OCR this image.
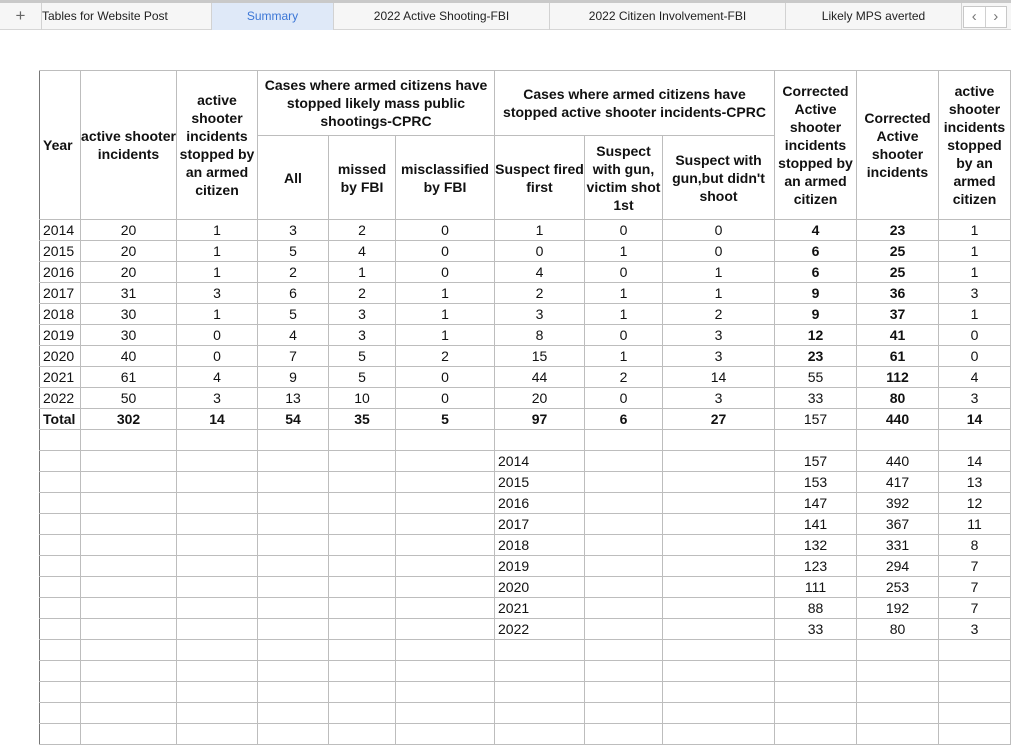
+	Tables for Website Post	Summary	2022 Active Shooting-FBI	2022 Citizen Involvement-FBI	Likely MPS averted	‹	›
Year	active shooter incidents	active shooter incidents stopped by an armed citizen	Cases where armed citizens have stopped likely mass public shootings-CPRC			Cases where armed citizens have stopped active shooter incidents-CPRC			Corrected Active shooter incidents stopped by an armed citizen	Corrected Active shooter incidents	active shooter incidents stopped by an armed citizen
			All	missed by FBI	misclassified by FBI	Suspect fired first	Suspect with gun, victim shot 1st	Suspect with gun,but didn't shoot			
2014	20	1	3	2	0	1	0	0	4	23	1
2015	20	1	5	4	0	0	1	0	6	25	1
2016	20	1	2	1	0	4	0	1	6	25	1
2017	31	3	6	2	1	2	1	1	9	36	3
2018	30	1	5	3	1	3	1	2	9	37	1
2019	30	0	4	3	1	8	0	3	12	41	0
2020	40	0	7	5	2	15	1	3	23	61	0
2021	61	4	9	5	0	44	2	14	55	112	4
2022	50	3	13	10	0	20	0	3	33	80	3
Total	302	14	54	35	5	97	6	27	157	440	14

						2014			157	440	14
						2015			153	417	13
						2016			147	392	12
						2017			141	367	11
						2018			132	331	8
						2019			123	294	7
						2020			111	253	7
						2021			88	192	7
						2022			33	80	3
